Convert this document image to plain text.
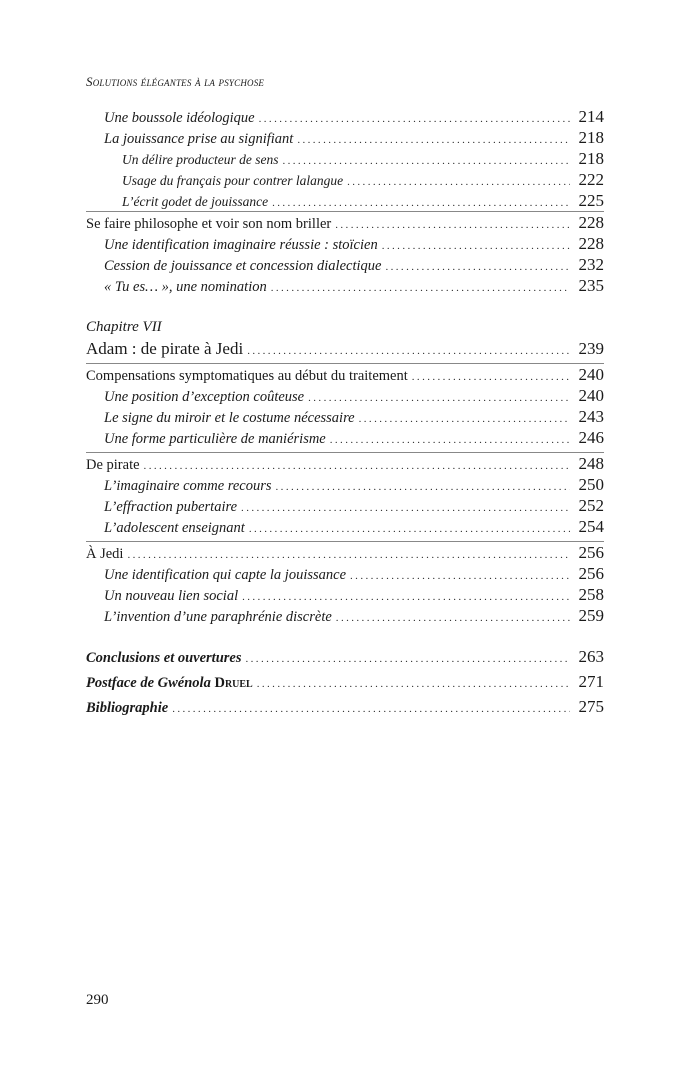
Solutions élégantes à la psychose
Une boussole idéologique .....	214
La jouissance prise au signifiant .....	218
Un délire producteur de sens .....	218
Usage du français pour contrer lalangue .....	222
L’écrit godet de jouissance .....	225
Se faire philosophe et voir son nom briller .....	228
Une identification imaginaire réussie : stoïcien .....	228
Cession de jouissance et concession dialectique .....	232
« Tu es… », une nomination .....	235
Chapitre VII
Adam : de pirate à Jedi .....	239
Compensations symptomatiques au début du traitement .....	240
Une position d’exception coûteuse .....	240
Le signe du miroir et le costume nécessaire .....	243
Une forme particulière de maniérisme .....	246
De pirate .....	248
L’imaginaire comme recours .....	250
L’effraction pubertaire .....	252
L’adolescent enseignant .....	254
À Jedi .....	256
Une identification qui capte la jouissance .....	256
Un nouveau lien social .....	258
L’invention d’une paraphrénie discrète .....	259
Conclusions et ouvertures .....	263
Postface de Gwénola Druel .....	271
Bibliographie .....	275
290
